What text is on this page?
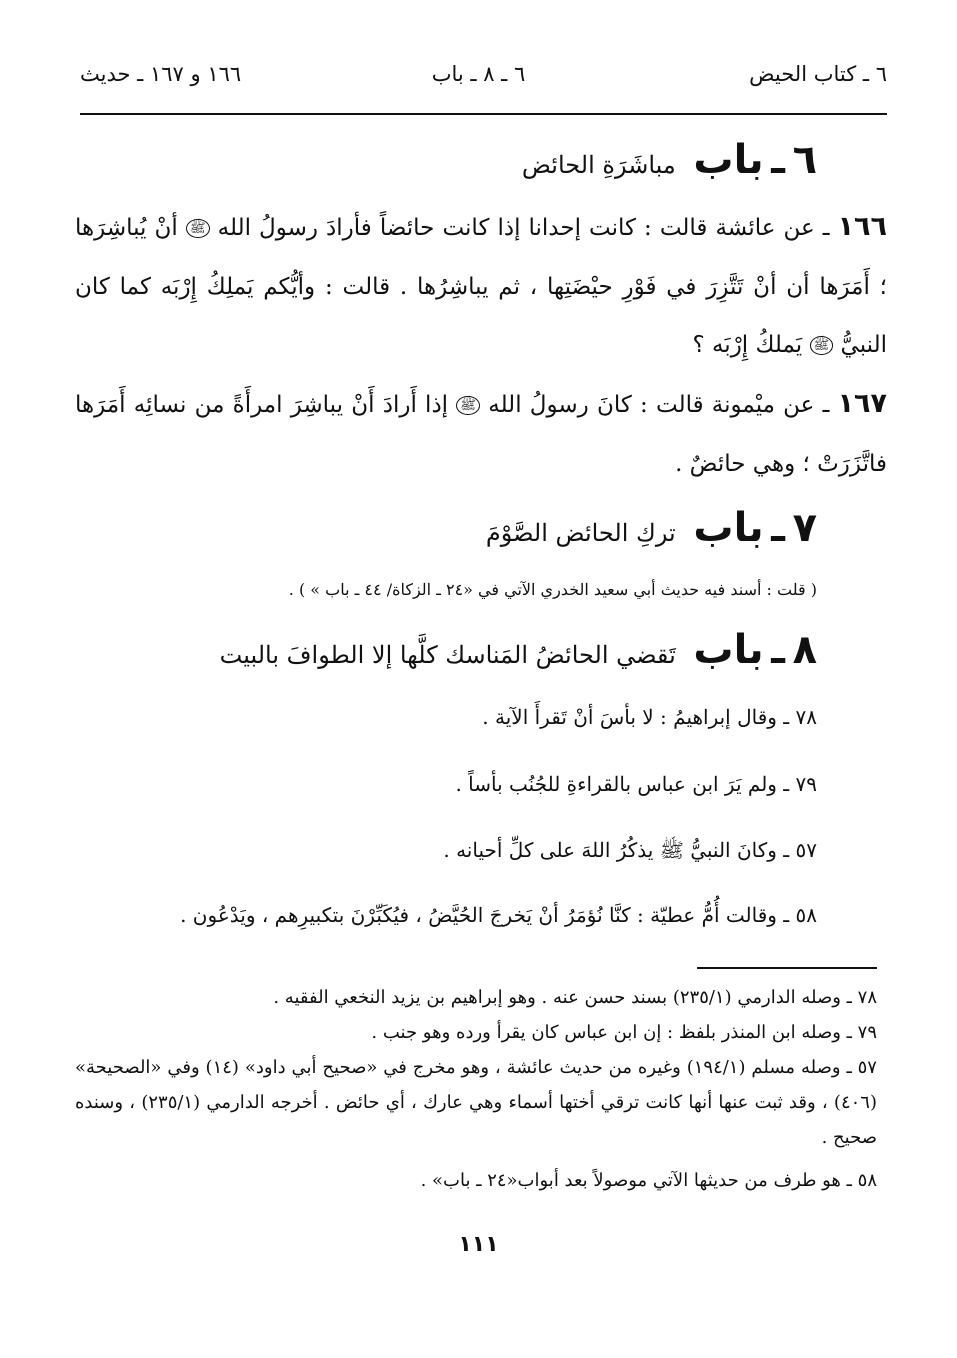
٦ ـ كتاب الحيض
٦ ـ ٨ ـ باب
١٦٦ و ١٦٧ ـ حديث
٦ ـ باب مباشَرَةِ الحائض
١٦٦ ـ عن عائشة قالت : كانت إحدانا إذا كانت حائضاً فأرادَ رسولُ الله ﷺ أنْ يُباشِرَها ؛ أَمَرَها أن أنْ تَتَّزِرَ في فَوْرِ حيْضَتِها ، ثم يباشِرُها . قالت : وأيُّكم يَملِكُ إِرْبَه كما كان النبيُّ ﷺ يَملكُ إِرْبَه ؟
١٦٧ ـ عن ميْمونة قالت : كانَ رسولُ الله ﷺ إذا أَرادَ أَنْ يباشِرَ امرأَةً من نسائِه أَمَرَها فاتَّزَرَتْ ؛ وهي حائضٌ .
٧ ـ باب تركِ الحائض الصَّوْمَ
( قلت : أسند فيه حديث أبي سعيد الخدري الآتي في «٢٤ ـ الزكاة/ ٤٤ ـ باب » ) .
٨ ـ باب تَقضي الحائضُ المَناسك كلَّها إلا الطوافَ بالبيت
٧٨ ـ وقال إبراهيمُ : لا بأسَ أنْ تَقرأَ الآية .
٧٩ ـ ولم يَرَ ابن عباس بالقراءةِ للجُنُب بأساً .
٥٧ ـ وكانَ النبيُّ ﷺ يذكُرُ اللهَ على كلِّ أحيانه .
٥٨ ـ وقالت أُمُّ عطيّة : كنَّا نُؤمَرُ أنْ يَخرجَ الحُيَّضُ ، فيُكَبِّرْنَ بتكبيرِهم ، ويَدْعُون .
٧٨ ـ وصله الدارمي (٢٣٥/١) بسند حسن عنه . وهو إبراهيم بن يزيد النخعي الفقيه .
٧٩ ـ وصله ابن المنذر بلفظ : إن ابن عباس كان يقرأ ورده وهو جنب .
٥٧ ـ وصله مسلم (١٩٤/١) وغيره من حديث عائشة ، وهو مخرج في «صحيح أبي داود» (١٤) وفي «الصحيحة» (٤٠٦) ، وقد ثبت عنها أنها كانت ترقي أختها أسماء وهي عارك ، أي حائض . أخرجه الدارمي (٢٣٥/١) ، وسنده صحيح .
٥٨ ـ هو طرف من حديثها الآتي موصولاً بعد أبواب«٢٤ ـ باب» .
١١١
